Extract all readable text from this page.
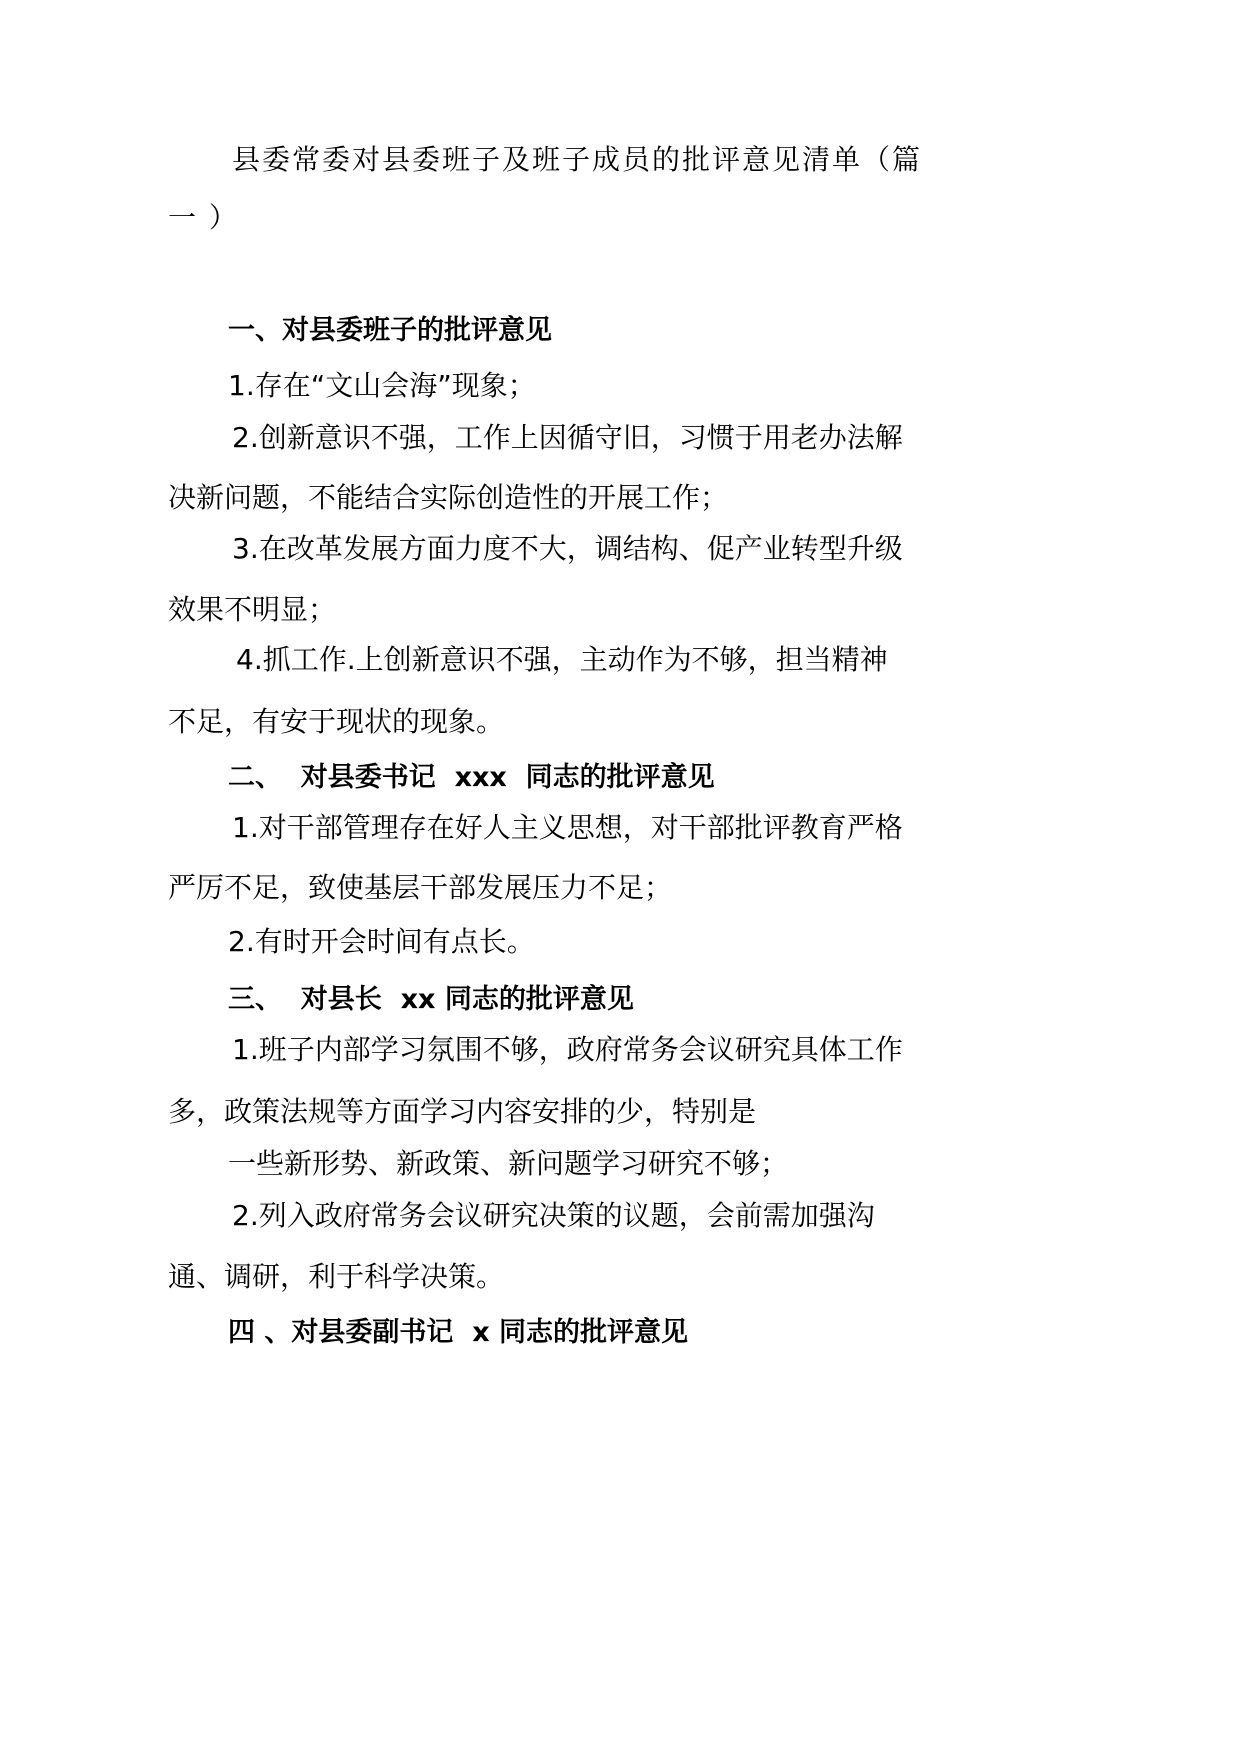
县委常委对县委班子及班子成员的批评意见清单（篇

一 ）

一、对县委班子的批评意见

1.存在“文山会海”现象；

2.创新意识不强，工作上因循守旧，习惯于用老办法解

决新问题，不能结合实际创造性的开展工作；

3.在改革发展方面力度不大，调结构、促产业转型升级

效果不明显；

4.抓工作.上创新意识不强，主动作为不够，担当精神

不足，有安于现状的现象。

二、  对县委书记  xxx  同志的批评意见

1.对干部管理存在好人主义思想，对干部批评教育严格

严厉不足，致使基层干部发展压力不足；

2.有时开会时间有点长。

三、  对县长  xx 同志的批评意见

1.班子内部学习氛围不够，政府常务会议研究具体工作

多，政策法规等方面学习内容安排的少，特别是

一些新形势、新政策、新问题学习研究不够；

2.列入政府常务会议研究决策的议题，会前需加强沟

通、调研，利于科学决策。

四 、对县委副书记  x 同志的批评意见
